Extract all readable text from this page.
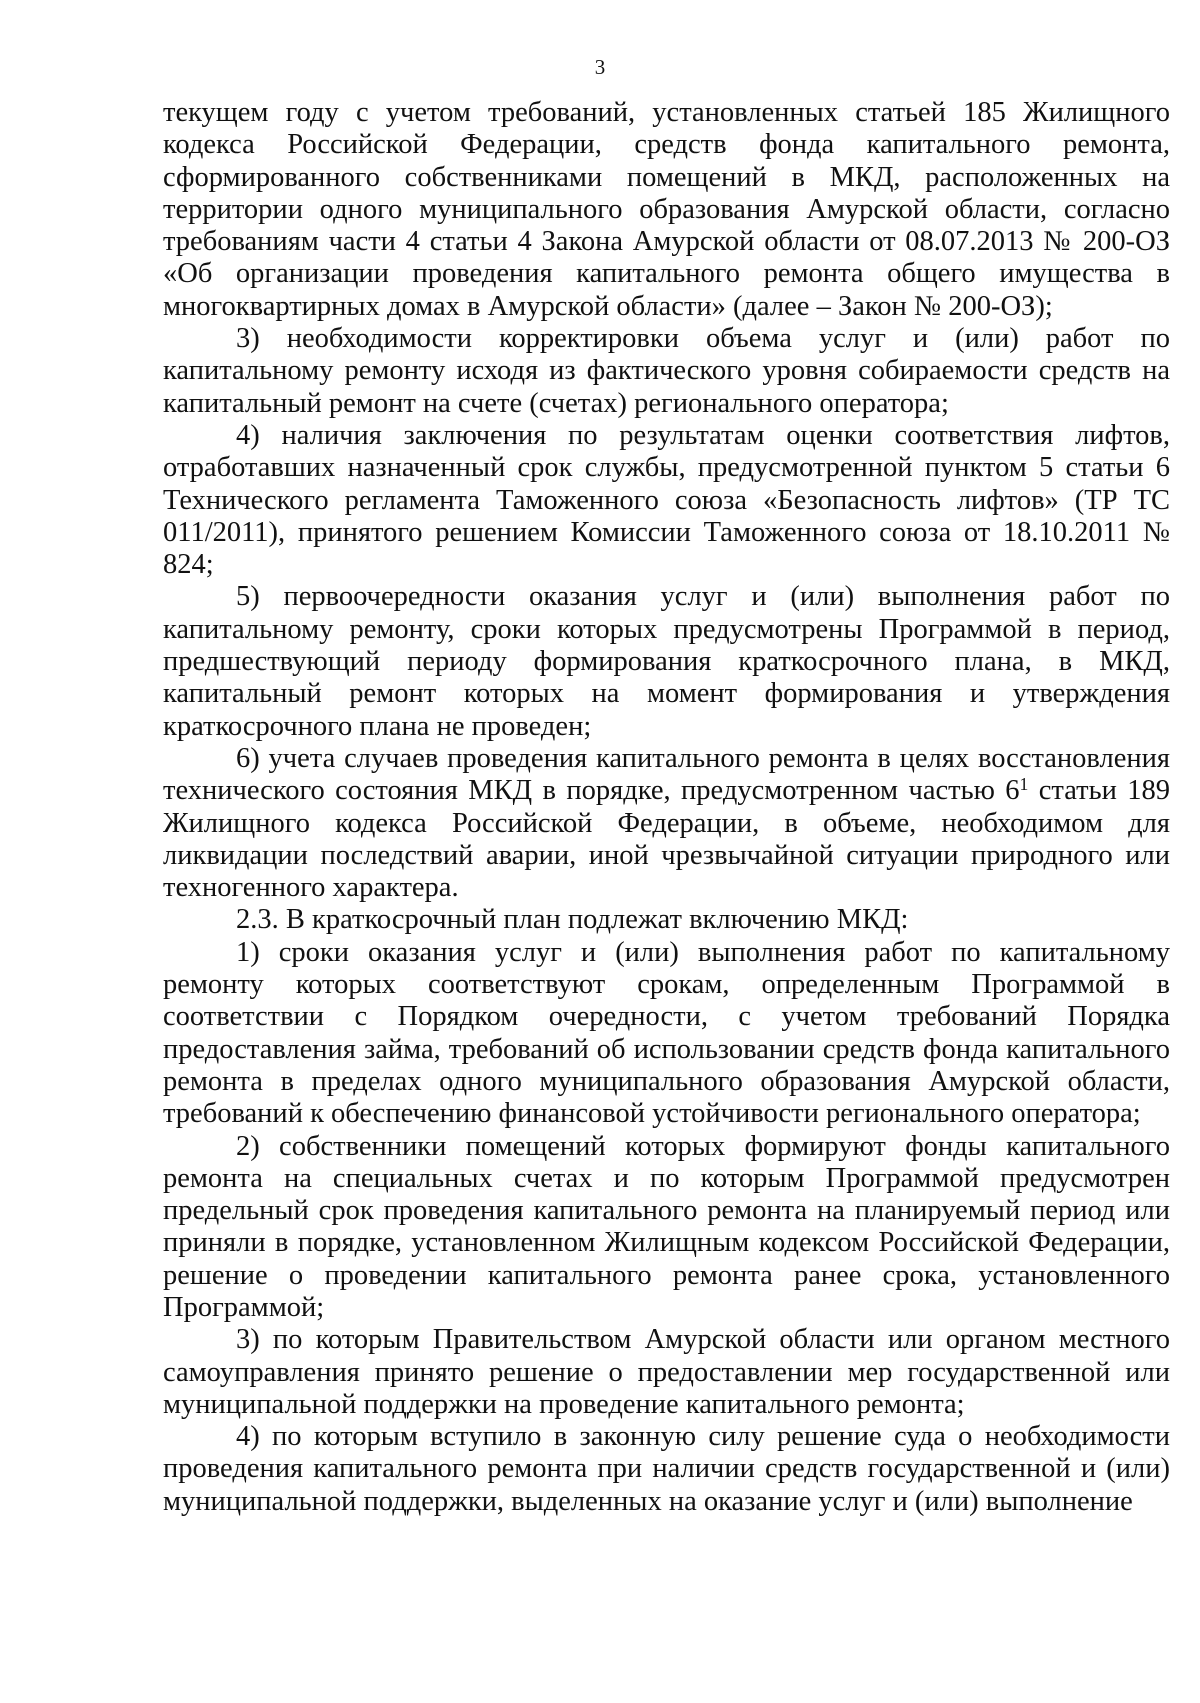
3

текущем году с учетом требований, установленных статьей 185 Жилищного кодекса Российской Федерации, средств фонда капитального ремонта, сформированного собственниками помещений в МКД, расположенных на территории одного муниципального образования Амурской области, согласно требованиям части 4 статьи 4 Закона Амурской области от 08.07.2013 № 200-ОЗ «Об организации проведения капитального ремонта общего имущества в многоквартирных домах в Амурской области» (далее – Закон № 200-ОЗ);

3) необходимости корректировки объема услуг и (или) работ по капитальному ремонту исходя из фактического уровня собираемости средств на капитальный ремонт на счете (счетах) регионального оператора;

4) наличия заключения по результатам оценки соответствия лифтов, отработавших назначенный срок службы, предусмотренной пунктом 5 статьи 6 Технического регламента Таможенного союза «Безопасность лифтов» (ТР ТС 011/2011), принятого решением Комиссии Таможенного союза от 18.10.2011 № 824;

5) первоочередности оказания услуг и (или) выполнения работ по капитальному ремонту, сроки которых предусмотрены Программой в период, предшествующий периоду формирования краткосрочного плана, в МКД, капитальный ремонт которых на момент формирования и утверждения краткосрочного плана не проведен;

6) учета случаев проведения капитального ремонта в целях восстановления технического состояния МКД в порядке, предусмотренном частью $6^1$ статьи 189 Жилищного кодекса Российской Федерации, в объеме, необходимом для ликвидации последствий аварии, иной чрезвычайной ситуации природного или техногенного характера.

2.3. В краткосрочный план подлежат включению МКД:

1) сроки оказания услуг и (или) выполнения работ по капитальному ремонту которых соответствуют срокам, определенным Программой в соответствии с Порядком очередности, с учетом требований Порядка предоставления займа, требований об использовании средств фонда капитального ремонта в пределах одного муниципального образования Амурской области, требований к обеспечению финансовой устойчивости регионального оператора;

2) собственники помещений которых формируют фонды капитального ремонта на специальных счетах и по которым Программой предусмотрен предельный срок проведения капитального ремонта на планируемый период или приняли в порядке, установленном Жилищным кодексом Российской Федерации, решение о проведении капитального ремонта ранее срока, установленного Программой;

3) по которым Правительством Амурской области или органом местного самоуправления принято решение о предоставлении мер государственной или муниципальной поддержки на проведение капитального ремонта;

4) по которым вступило в законную силу решение суда о необходимости проведения капитального ремонта при наличии средств государственной и (или) муниципальной поддержки, выделенных на оказание услуг и (или) выполнение
